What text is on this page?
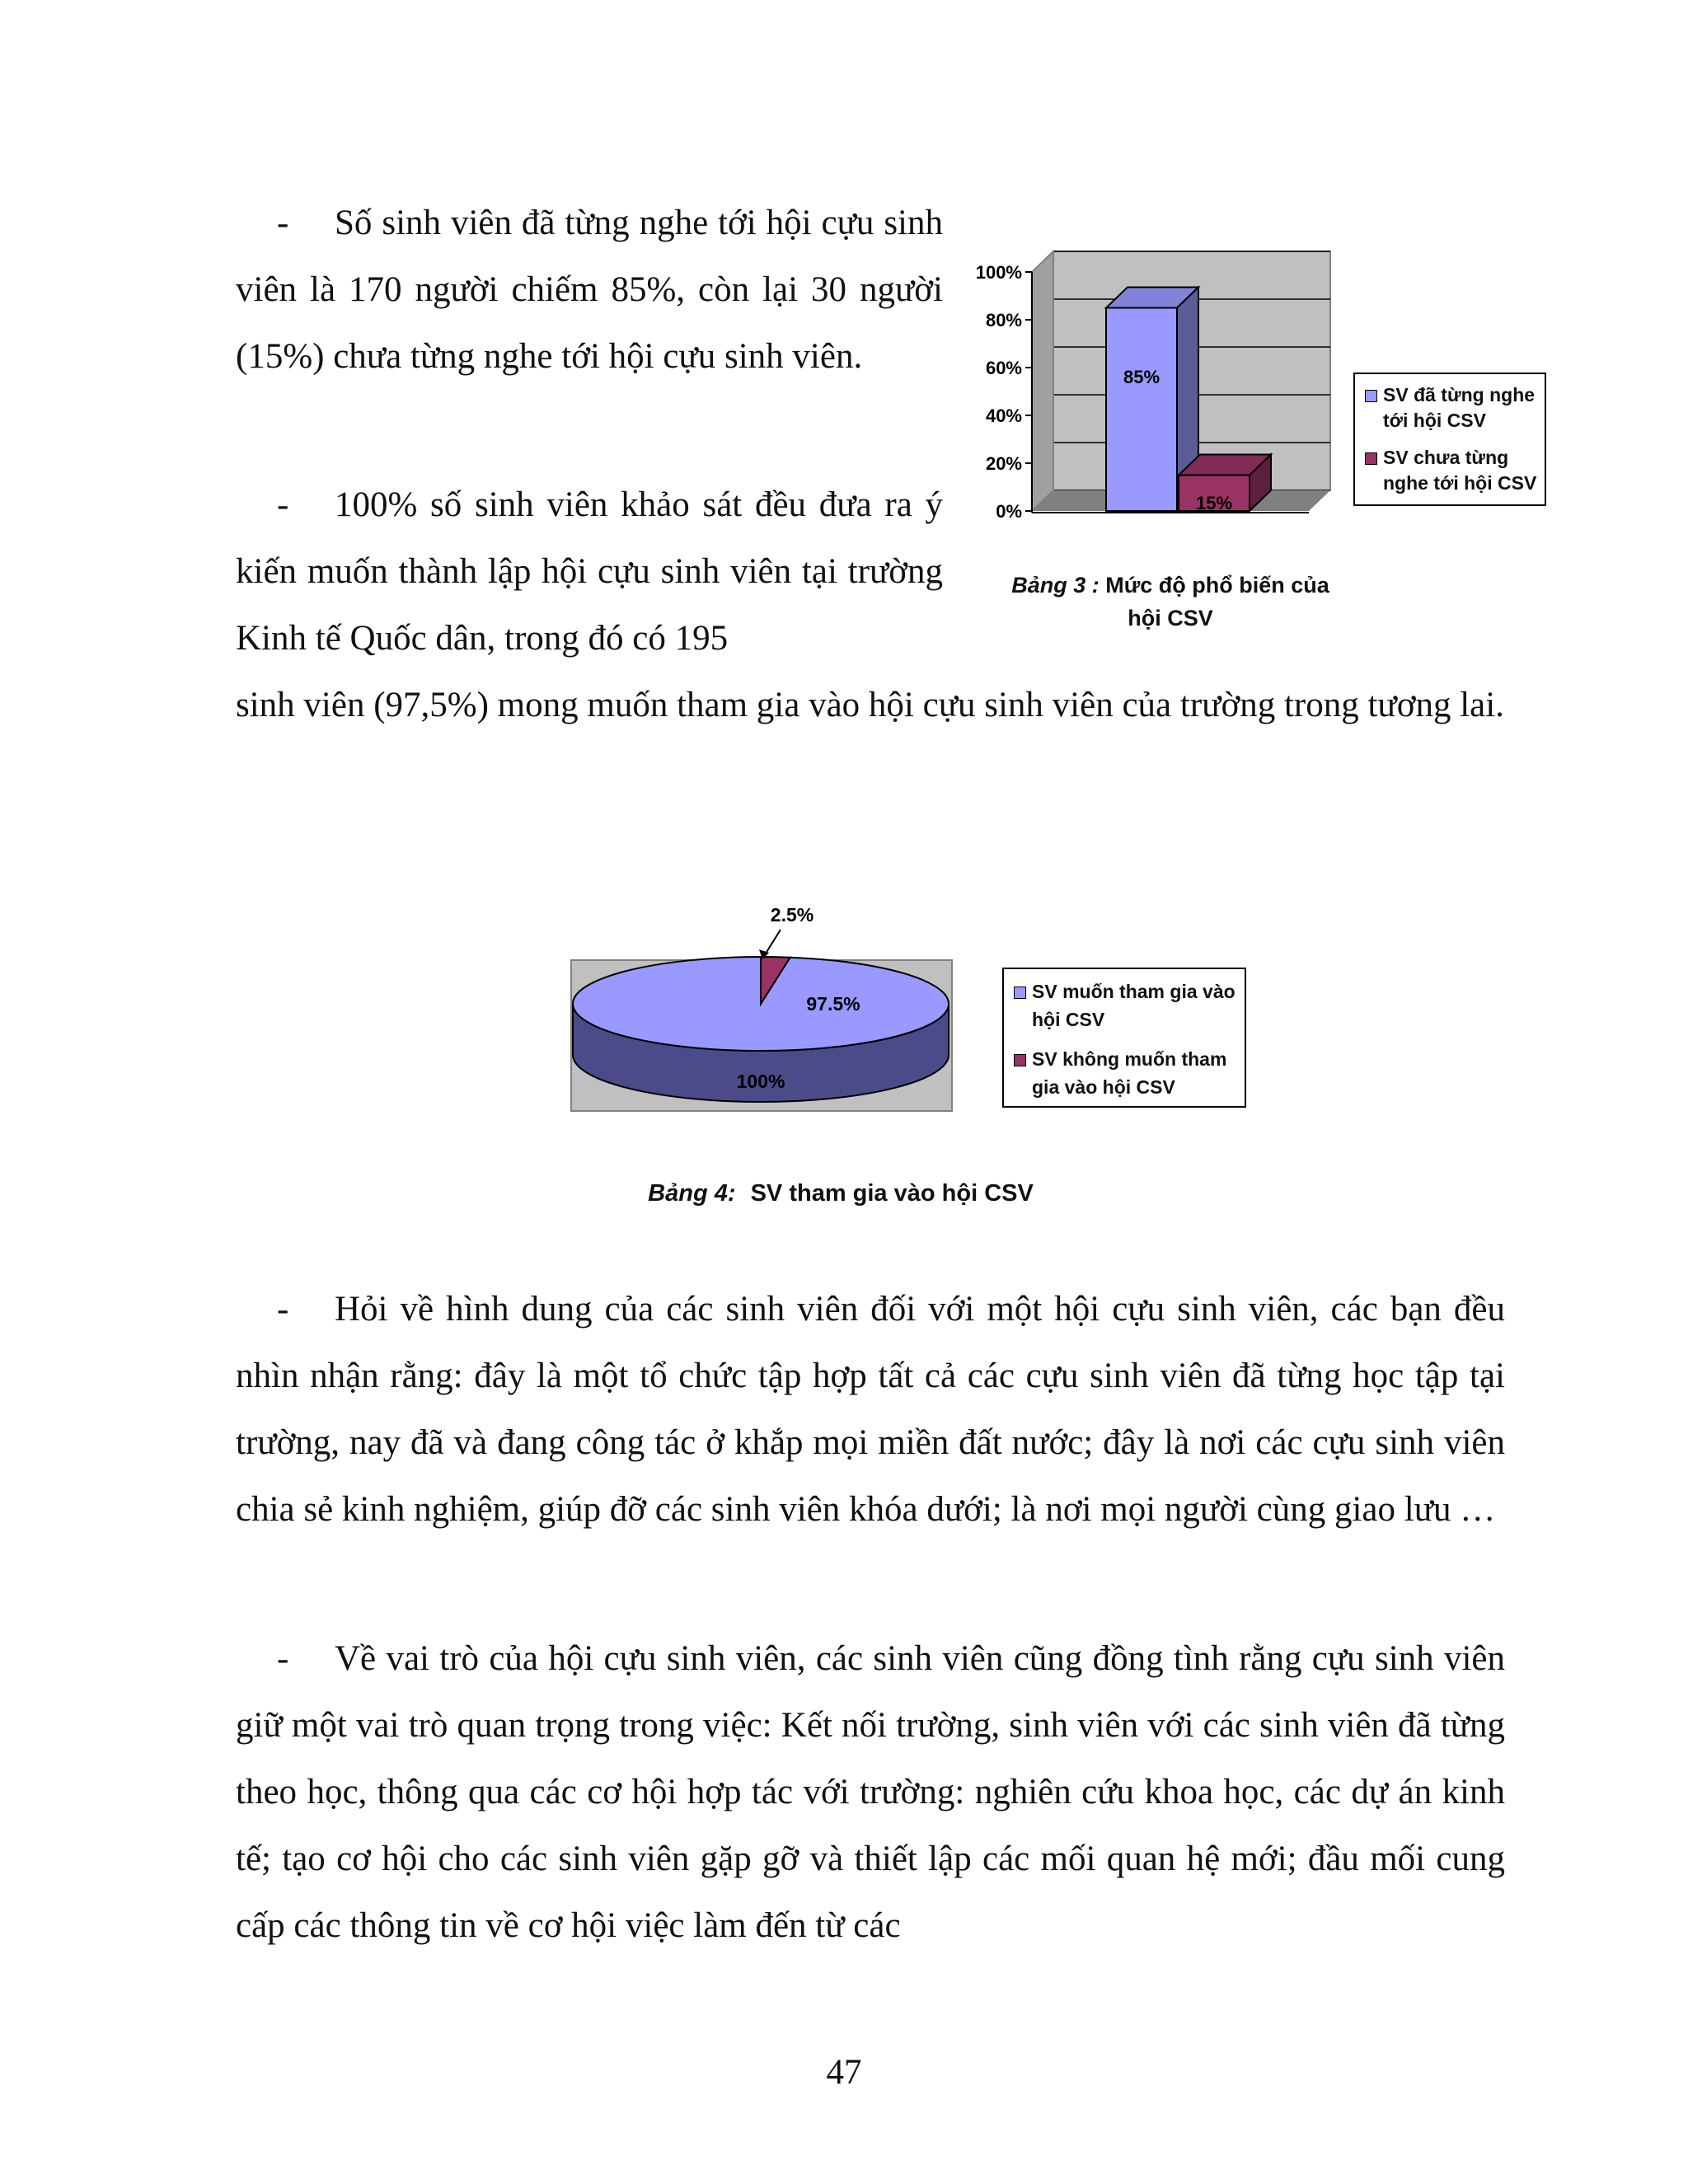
- Số sinh viên đã từng nghe tới hội cựu sinh viên là 170 người chiếm 85%, còn lại 30 người (15%) chưa từng nghe tới hội cựu sinh viên.

- 100% số sinh viên khảo sát đều đưa ra ý kiến muốn thành lập hội cựu sinh viên tại trường Kinh tế Quốc dân, trong đó có 195

sinh viên (97,5%) mong muốn tham gia vào hội cựu sinh viên của trường trong tương lai.

0%
20%
40%
60%
80%
100%
85%
15%
SV đã từng nghe tới hội CSV
SV chưa từng nghe tới hội CSV
Bảng 3 : Mức độ phổ biến của hội CSV
97.5%
2.5%
100%
SV muốn tham gia vào hội CSV
SV không muốn tham gia vào hội CSV
Bảng 4: SV tham gia vào hội CSV

- Hỏi về hình dung của các sinh viên đối với một hội cựu sinh viên, các bạn đều nhìn nhận rằng: đây là một tổ chức tập hợp tất cả các cựu sinh viên đã từng học tập tại trường, nay đã và đang công tác ở khắp mọi miền đất nước; đây là nơi các cựu sinh viên chia sẻ kinh nghiệm, giúp đỡ các sinh viên khóa dưới; là nơi mọi người cùng giao lưu …

- Về vai trò của hội cựu sinh viên, các sinh viên cũng đồng tình rằng cựu sinh viên giữ một vai trò quan trọng trong việc: Kết nối trường, sinh viên với các sinh viên đã từng theo học, thông qua các cơ hội hợp tác với trường: nghiên cứu khoa học, các dự án kinh tế; tạo cơ hội cho các sinh viên gặp gỡ và thiết lập các mối quan hệ mới; đầu mối cung cấp các thông tin về cơ hội việc làm đến từ các

47
